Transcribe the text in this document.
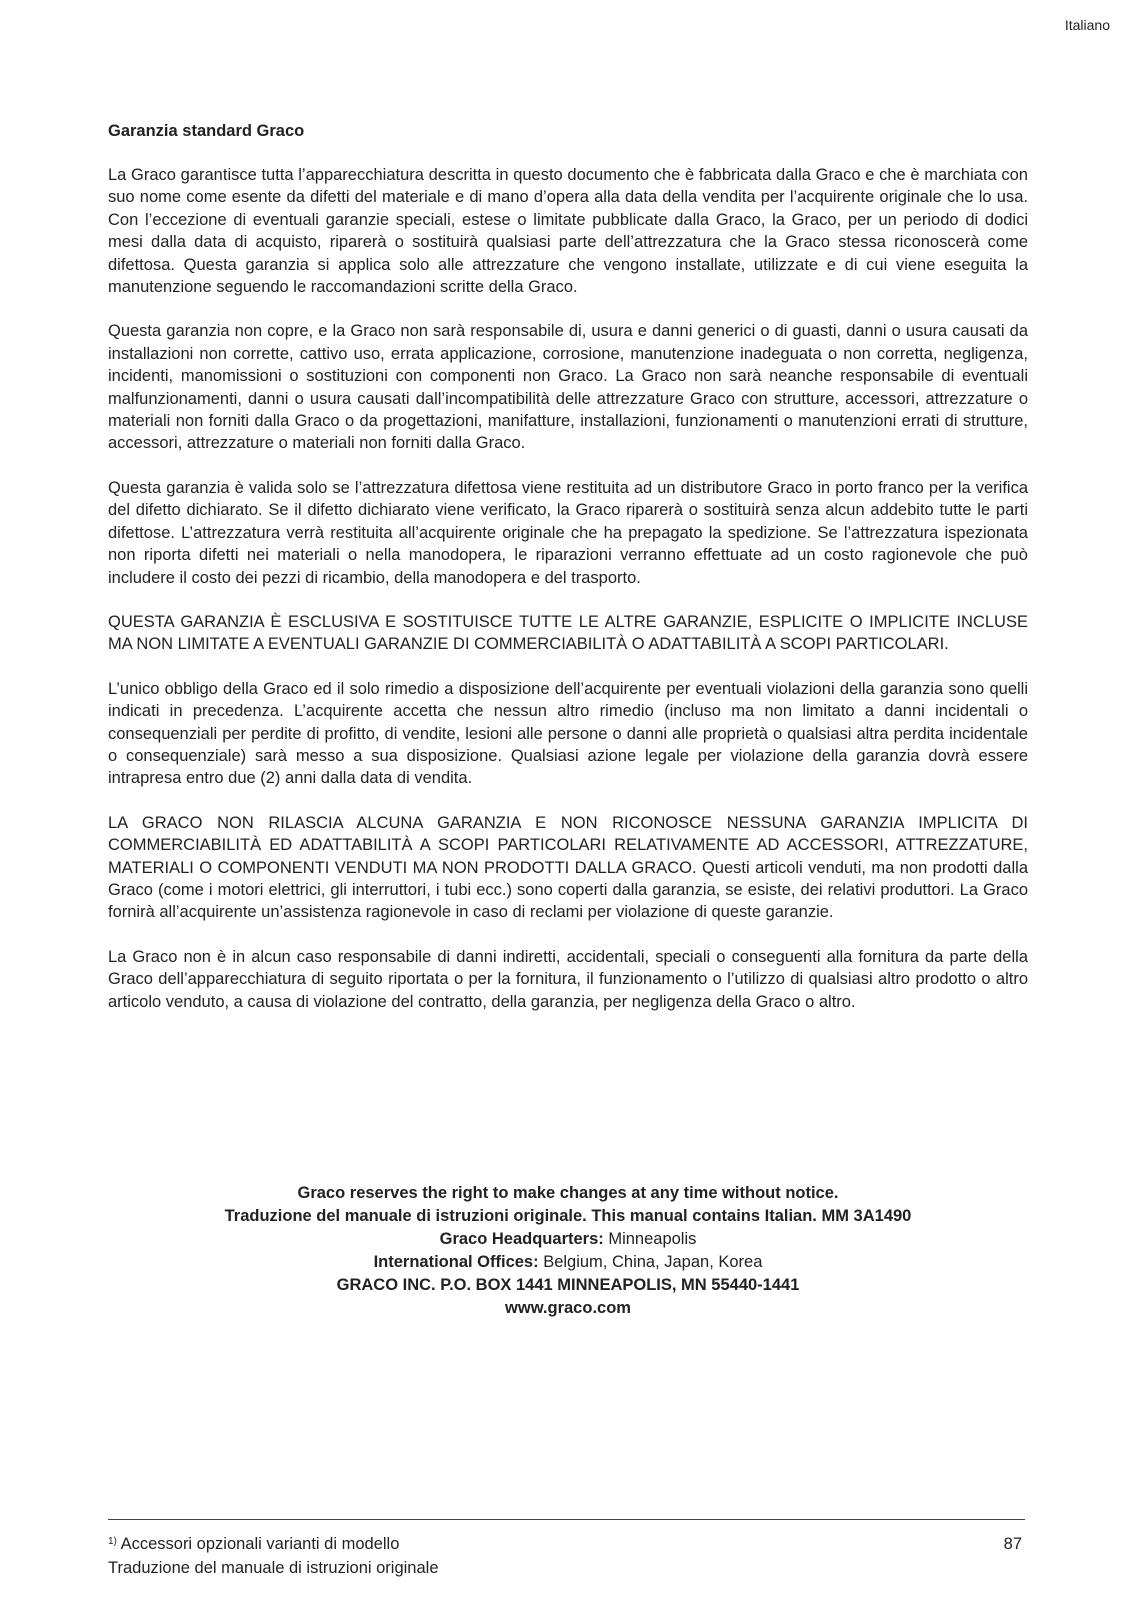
Italiano
Garanzia standard Graco

La Graco garantisce tutta l’apparecchiatura descritta in questo documento che è fabbricata dalla Graco e che è marchiata con suo nome come esente da difetti del materiale e di mano d’opera alla data della vendita per l’acquirente originale che lo usa. Con l’eccezione di eventuali garanzie speciali, estese o limitate pubblicate dalla Graco, la Graco, per un periodo di dodici mesi dalla data di acquisto, riparerà o sostituirà qualsiasi parte dell’attrezzatura che la Graco stessa riconoscerà come difettosa. Questa garanzia si applica solo alle attrezzature che vengono installate, utilizzate e di cui viene eseguita la manutenzione seguendo le raccomandazioni scritte della Graco.

Questa garanzia non copre, e la Graco non sarà responsabile di, usura e danni generici o di guasti, danni o usura causati da installazioni non corrette, cattivo uso, errata applicazione, corrosione, manutenzione inadeguata o non corretta, negligenza, incidenti, manomissioni o sostituzioni con componenti non Graco. La Graco non sarà neanche responsabile di eventuali malfunzionamenti, danni o usura causati dall’incompatibilità delle attrezzature Graco con strutture, accessori, attrezzature o materiali non forniti dalla Graco o da progettazioni, manifatture, installazioni, funzionamenti o manutenzioni errati di strutture, accessori, attrezzature o materiali non forniti dalla Graco.

Questa garanzia è valida solo se l’attrezzatura difettosa viene restituita ad un distributore Graco in porto franco per la verifica del difetto dichiarato. Se il difetto dichiarato viene verificato, la Graco riparerà o sostituirà senza alcun addebito tutte le parti difettose. L’attrezzatura verrà restituita all’acquirente originale che ha prepagato la spedizione. Se l’attrezzatura ispezionata non riporta difetti nei materiali o nella manodopera, le riparazioni verranno effettuate ad un costo ragionevole che può includere il costo dei pezzi di ricambio, della manodopera e del trasporto.

QUESTA GARANZIA È ESCLUSIVA E SOSTITUISCE TUTTE LE ALTRE GARANZIE, ESPLICITE O IMPLICITE INCLUSE MA NON LIMITATE A EVENTUALI GARANZIE DI COMMERCIABILITÀ O ADATTABILITÀ A SCOPI PARTICOLARI.

L’unico obbligo della Graco ed il solo rimedio a disposizione dell’acquirente per eventuali violazioni della garanzia sono quelli indicati in precedenza. L’acquirente accetta che nessun altro rimedio (incluso ma non limitato a danni incidentali o consequenziali per perdite di profitto, di vendite, lesioni alle persone o danni alle proprietà o qualsiasi altra perdita incidentale o consequenziale) sarà messo a sua disposizione. Qualsiasi azione legale per violazione della garanzia dovrà essere intrapresa entro due (2) anni dalla data di vendita.

LA GRACO NON RILASCIA ALCUNA GARANZIA E NON RICONOSCE NESSUNA GARANZIA IMPLICITA DI COMMERCIABILITÀ ED ADATTABILITÀ A SCOPI PARTICOLARI RELATIVAMENTE AD ACCESSORI, ATTREZZATURE, MATERIALI O COMPONENTI VENDUTI MA NON PRODOTTI DALLA GRACO. Questi articoli venduti, ma non prodotti dalla Graco (come i motori elettrici, gli interruttori, i tubi ecc.) sono coperti dalla garanzia, se esiste, dei relativi produttori. La Graco fornirà all’acquirente un’assistenza ragionevole in caso di reclami per violazione di queste garanzie.

La Graco non è in alcun caso responsabile di danni indiretti, accidentali, speciali o conseguenti alla fornitura da parte della Graco dell’apparecchiatura di seguito riportata o per la fornitura, il funzionamento o l’utilizzo di qualsiasi altro prodotto o altro articolo venduto, a causa di violazione del contratto, della garanzia, per negligenza della Graco o altro.

Graco reserves the right to make changes at any time without notice.
Traduzione del manuale di istruzioni originale. This manual contains Italian. MM 3A1490
Graco Headquarters: Minneapolis
International Offices: Belgium, China, Japan, Korea
GRACO INC. P.O. BOX 1441 MINNEAPOLIS, MN 55440-1441
www.graco.com
$^{1)}$ Accessori opzionali varianti di modello
Traduzione del manuale di istruzioni originale
87
